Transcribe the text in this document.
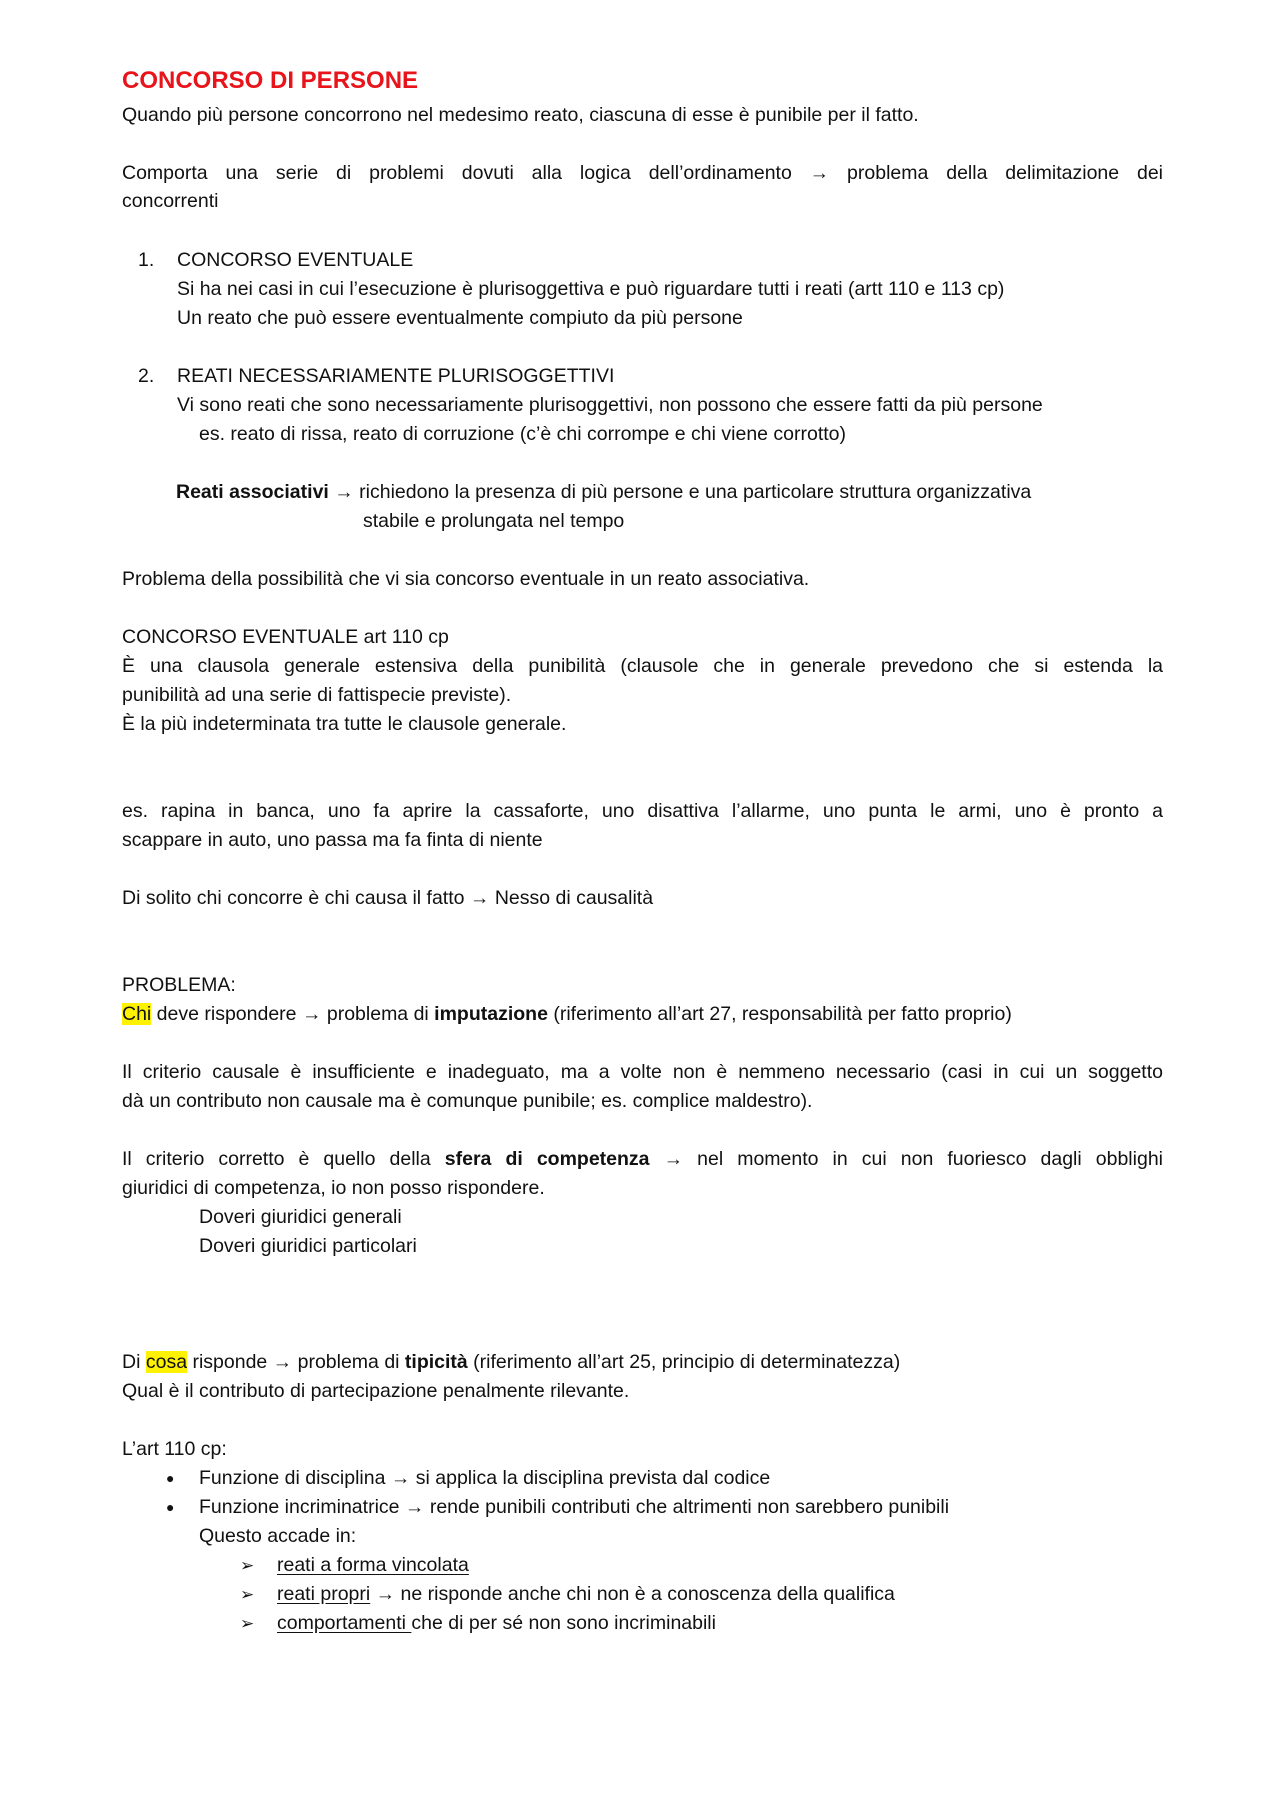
CONCORSO DI PERSONE
Quando più persone concorrono nel medesimo reato, ciascuna di esse è punibile per il fatto.
Comporta una serie di problemi dovuti alla logica dell’ordinamento → problema della delimitazione dei
concorrenti
1. CONCORSO EVENTUALE
Si ha nei casi in cui l’esecuzione è plurisoggettiva e può riguardare tutti i reati (artt 110 e 113 cp)
Un reato che può essere eventualmente compiuto da più persone
2. REATI NECESSARIAMENTE PLURISOGGETTIVI
Vi sono reati che sono necessariamente plurisoggettivi, non possono che essere fatti da più persone
es. reato di rissa, reato di corruzione (c’è chi corrompe e chi viene corrotto)
Reati associativi → richiedono la presenza di più persone e una particolare struttura organizzativa
stabile e prolungata nel tempo
Problema della possibilità che vi sia concorso eventuale in un reato associativa.
CONCORSO EVENTUALE art 110 cp
È una clausola generale estensiva della punibilità (clausole che in generale prevedono che si estenda la
punibilità ad una serie di fattispecie previste).
È la più indeterminata tra tutte le clausole generale.
es. rapina in banca, uno fa aprire la cassaforte, uno disattiva l’allarme, uno punta le armi, uno è pronto a
scappare in auto, uno passa ma fa finta di niente
Di solito chi concorre è chi causa il fatto → Nesso di causalità
PROBLEMA:
Chi deve rispondere → problema di imputazione (riferimento all’art 27, responsabilità per fatto proprio)
Il criterio causale è insufficiente e inadeguato, ma a volte non è nemmeno necessario (casi in cui un soggetto
dà un contributo non causale ma è comunque punibile; es. complice maldestro).
Il criterio corretto è quello della sfera di competenza → nel momento in cui non fuoriesco dagli obblighi
giuridici di competenza, io non posso rispondere.
Doveri giuridici generali
Doveri giuridici particolari
Di cosa risponde → problema di tipicità (riferimento all’art 25, principio di determinatezza)
Qual è il contributo di partecipazione penalmente rilevante.
L’art 110 cp:
● Funzione di disciplina → si applica la disciplina prevista dal codice
● Funzione incriminatrice → rende punibili contributi che altrimenti non sarebbero punibili
Questo accade in:
➢ reati a forma vincolata
➢ reati propri → ne risponde anche chi non è a conoscenza della qualifica
➢ comportamenti che di per sé non sono incriminabili
